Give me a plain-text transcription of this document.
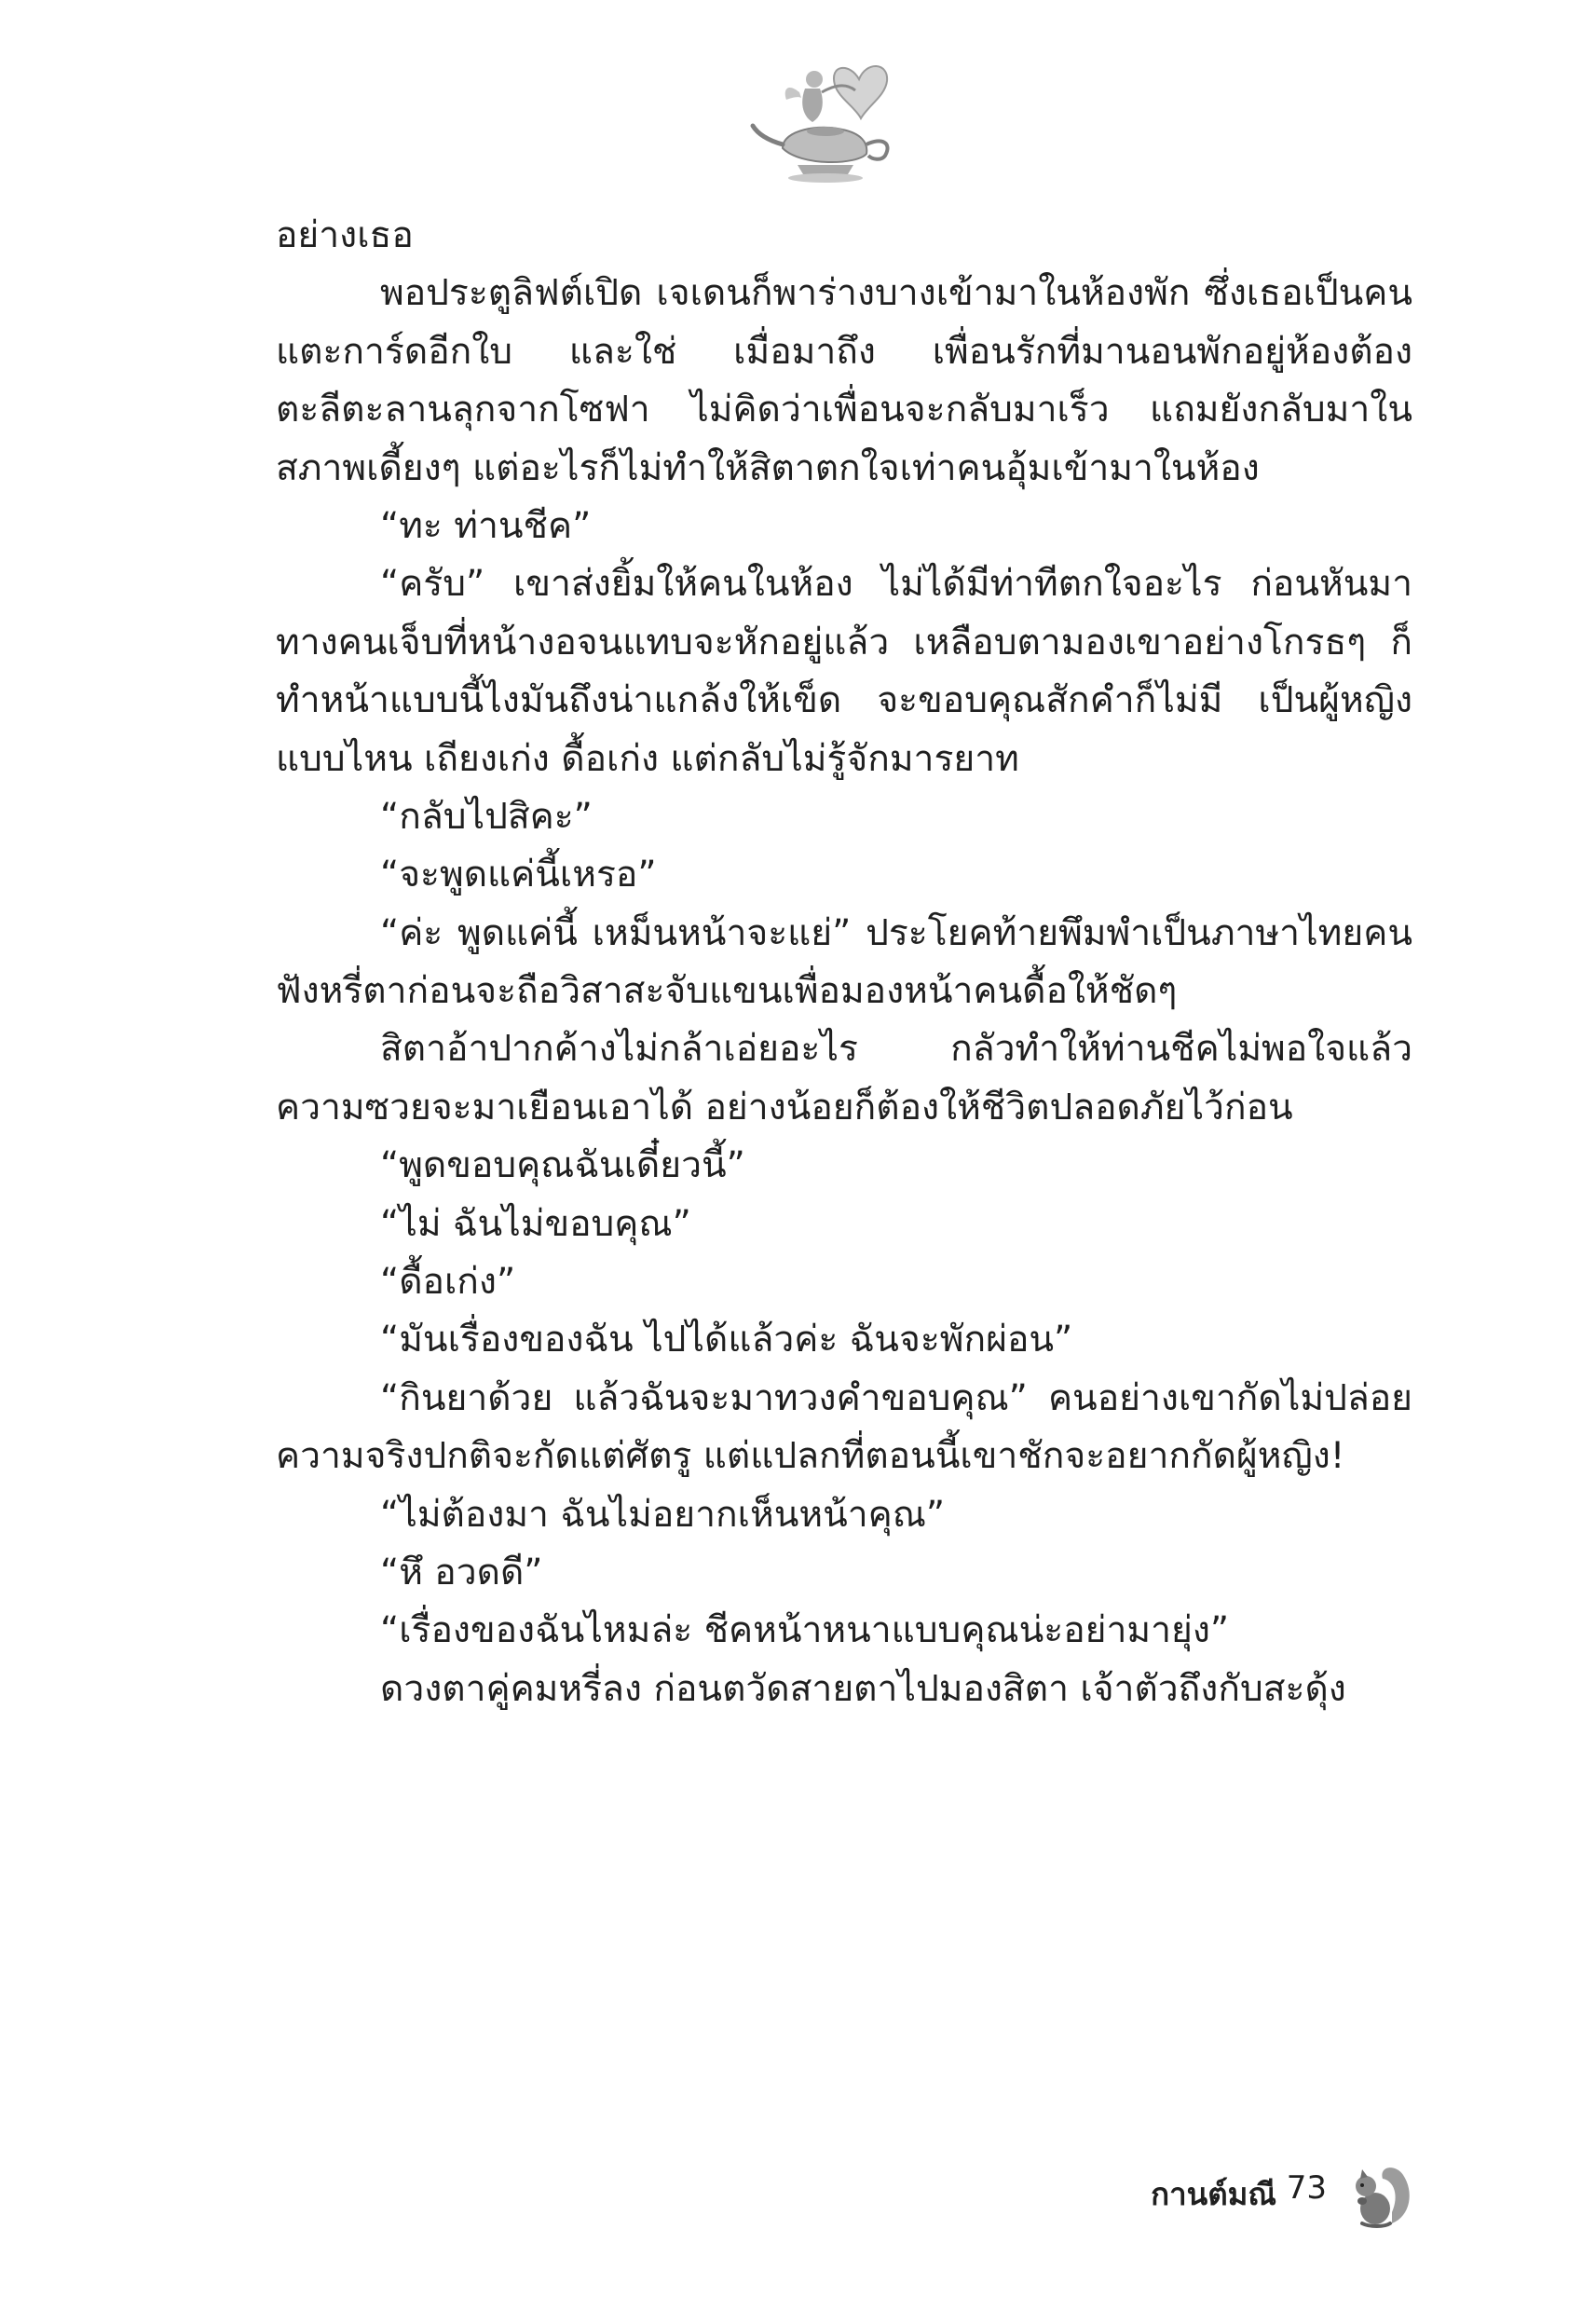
อย่างเธอ

พอประตูลิฟต์เปิด เจเดนก็พาร่างบางเข้ามาในห้องพัก ซึ่งเธอเป็นคนแตะการ์ดอีกใบ และใช่ เมื่อมาถึง เพื่อนรักที่มานอนพักอยู่ห้องต้องตะลีตะลานลุกจากโซฟา ไม่คิดว่าเพื่อนจะกลับมาเร็ว แถมยังกลับมาในสภาพเดี้ยงๆ แต่อะไรก็ไม่ทำให้สิตาตกใจเท่าคนอุ้มเข้ามาในห้อง

“ทะ ท่านชีค”

“ครับ” เขาส่งยิ้มให้คนในห้อง ไม่ได้มีท่าทีตกใจอะไร ก่อนหันมาทางคนเจ็บที่หน้างอจนแทบจะหักอยู่แล้ว เหลือบตามองเขาอย่างโกรธๆ ก็ทำหน้าแบบนี้ไงมันถึงน่าแกล้งให้เข็ด จะขอบคุณสักคำก็ไม่มี เป็นผู้หญิงแบบไหน เถียงเก่ง ดื้อเก่ง แต่กลับไม่รู้จักมารยาท

“กลับไปสิคะ”

“จะพูดแค่นี้เหรอ”

“ค่ะ พูดแค่นี้ เหม็นหน้าจะแย่” ประโยคท้ายพึมพำเป็นภาษาไทยคนฟังหรี่ตาก่อนจะถือวิสาสะจับแขนเพื่อมองหน้าคนดื้อให้ชัดๆ

สิตาอ้าปากค้างไม่กล้าเอ่ยอะไร กลัวทำให้ท่านชีคไม่พอใจแล้วความซวยจะมาเยือนเอาได้ อย่างน้อยก็ต้องให้ชีวิตปลอดภัยไว้ก่อน

“พูดขอบคุณฉันเดี๋ยวนี้”

“ไม่ ฉันไม่ขอบคุณ”

“ดื้อเก่ง”

“มันเรื่องของฉัน ไปได้แล้วค่ะ ฉันจะพักผ่อน”

“กินยาด้วย แล้วฉันจะมาทวงคำขอบคุณ” คนอย่างเขากัดไม่ปล่อยความจริงปกติจะกัดแต่ศัตรู แต่แปลกที่ตอนนี้เขาชักจะอยากกัดผู้หญิง!

“ไม่ต้องมา ฉันไม่อยากเห็นหน้าคุณ”

“หึ อวดดี”

“เรื่องของฉันไหมล่ะ ชีคหน้าหนาแบบคุณน่ะอย่ามายุ่ง”

ดวงตาคู่คมหรี่ลง ก่อนตวัดสายตาไปมองสิตา เจ้าตัวถึงกับสะดุ้ง

กานต์มณี 73
